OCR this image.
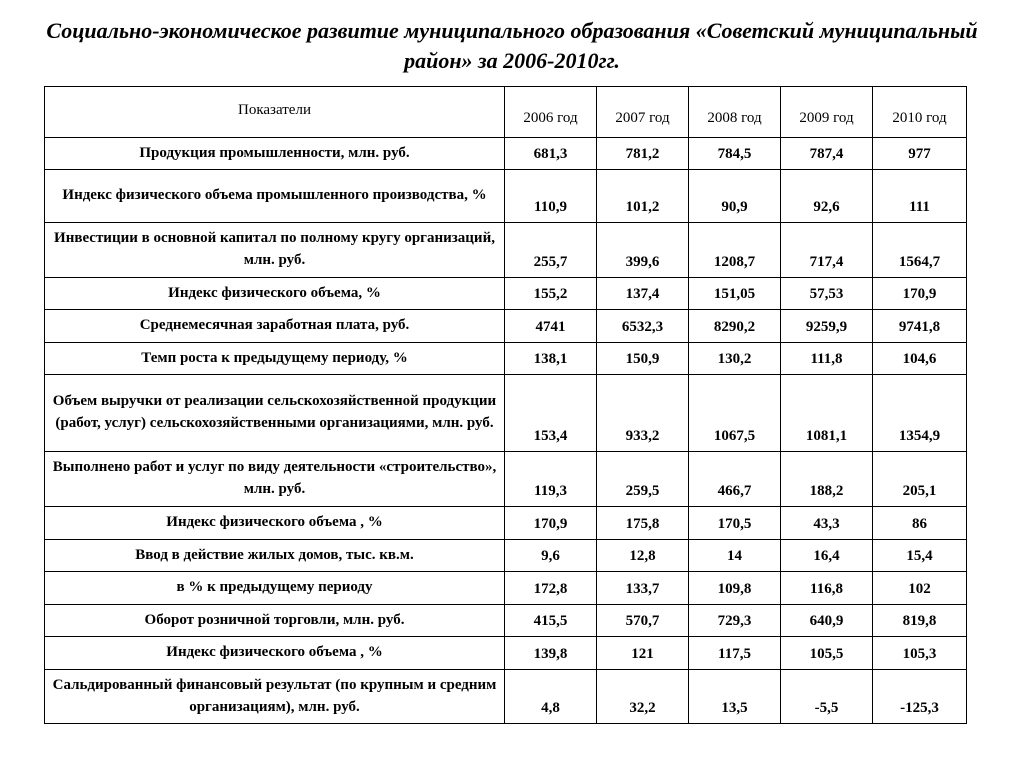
Социально-экономическое развитие муниципального образования «Советский муниципальный район» за 2006-2010гг.
Показатели	2006 год	2007 год	2008 год	2009 год	2010 год
Продукция промышленности, млн. руб.	681,3	781,2	784,5	787,4	977
Индекс физического объема промышленного производства, %	110,9	101,2	90,9	92,6	111
Инвестиции в основной капитал по полному кругу организаций, млн. руб.	255,7	399,6	1208,7	717,4	1564,7
Индекс физического объема, %	155,2	137,4	151,05	57,53	170,9
Среднемесячная заработная плата, руб.	4741	6532,3	8290,2	9259,9	9741,8
Темп роста к предыдущему периоду, %	138,1	150,9	130,2	111,8	104,6
Объем выручки от реализации сельскохозяйственной продукции (работ, услуг) сельскохозяйственными организациями, млн. руб.	153,4	933,2	1067,5	1081,1	1354,9
Выполнено работ и услуг по виду деятельности «строительство», млн. руб.	119,3	259,5	466,7	188,2	205,1
Индекс физического объема , %	170,9	175,8	170,5	43,3	86
Ввод в действие жилых домов, тыс. кв.м.	9,6	12,8	14	16,4	15,4
в % к предыдущему периоду	172,8	133,7	109,8	116,8	102
Оборот розничной торговли, млн. руб.	415,5	570,7	729,3	640,9	819,8
Индекс физического объема , %	139,8	121	117,5	105,5	105,3
Сальдированный финансовый результат (по крупным и средним организациям), млн. руб.	4,8	32,2	13,5	-5,5	-125,3
